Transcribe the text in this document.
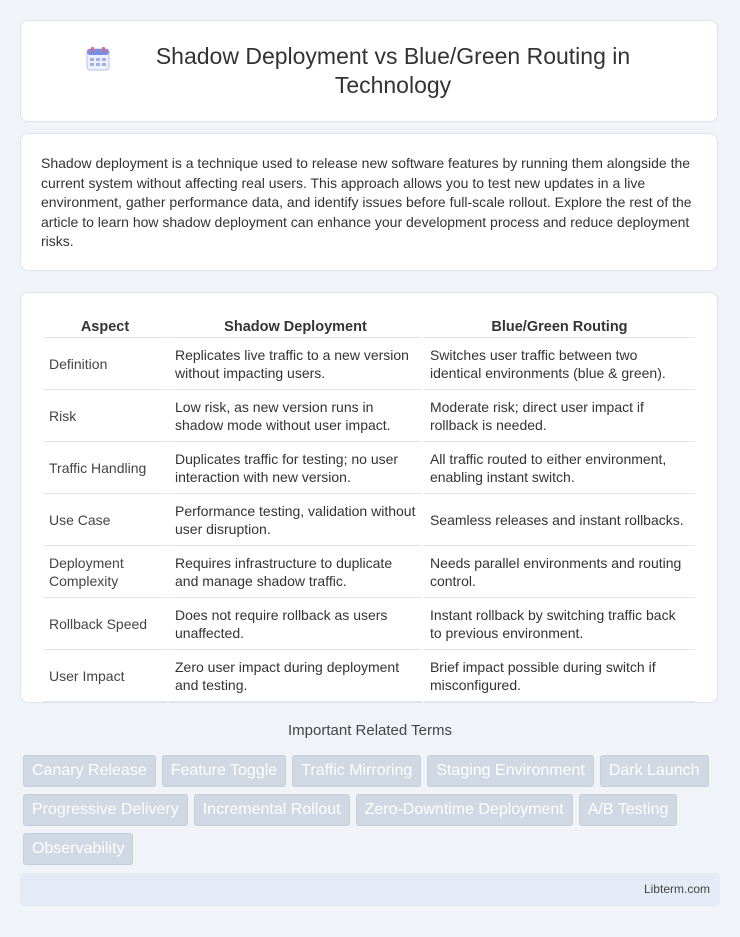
Shadow Deployment vs Blue/Green Routing in Technology

Shadow deployment is a technique used to release new software features by running them alongside the current system without affecting real users. This approach allows you to test new updates in a live environment, gather performance data, and identify issues before full-scale rollout. Explore the rest of the article to learn how shadow deployment can enhance your development process and reduce deployment risks.

Aspect	Shadow Deployment	Blue/Green Routing
Definition	Replicates live traffic to a new version without impacting users.	Switches user traffic between two identical environments (blue & green).
Risk	Low risk, as new version runs in shadow mode without user impact.	Moderate risk; direct user impact if rollback is needed.
Traffic Handling	Duplicates traffic for testing; no user interaction with new version.	All traffic routed to either environment, enabling instant switch.
Use Case	Performance testing, validation without user disruption.	Seamless releases and instant rollbacks.
Deployment Complexity	Requires infrastructure to duplicate and manage shadow traffic.	Needs parallel environments and routing control.
Rollback Speed	Does not require rollback as users unaffected.	Instant rollback by switching traffic back to previous environment.
User Impact	Zero user impact during deployment and testing.	Brief impact possible during switch if misconfigured.
Important Related Terms
Canary Release	Feature Toggle	Traffic Mirroring	Staging Environment	Dark Launch
Progressive Delivery	Incremental Rollout	Zero-Downtime Deployment	A/B Testing
Observability
Libterm.com
